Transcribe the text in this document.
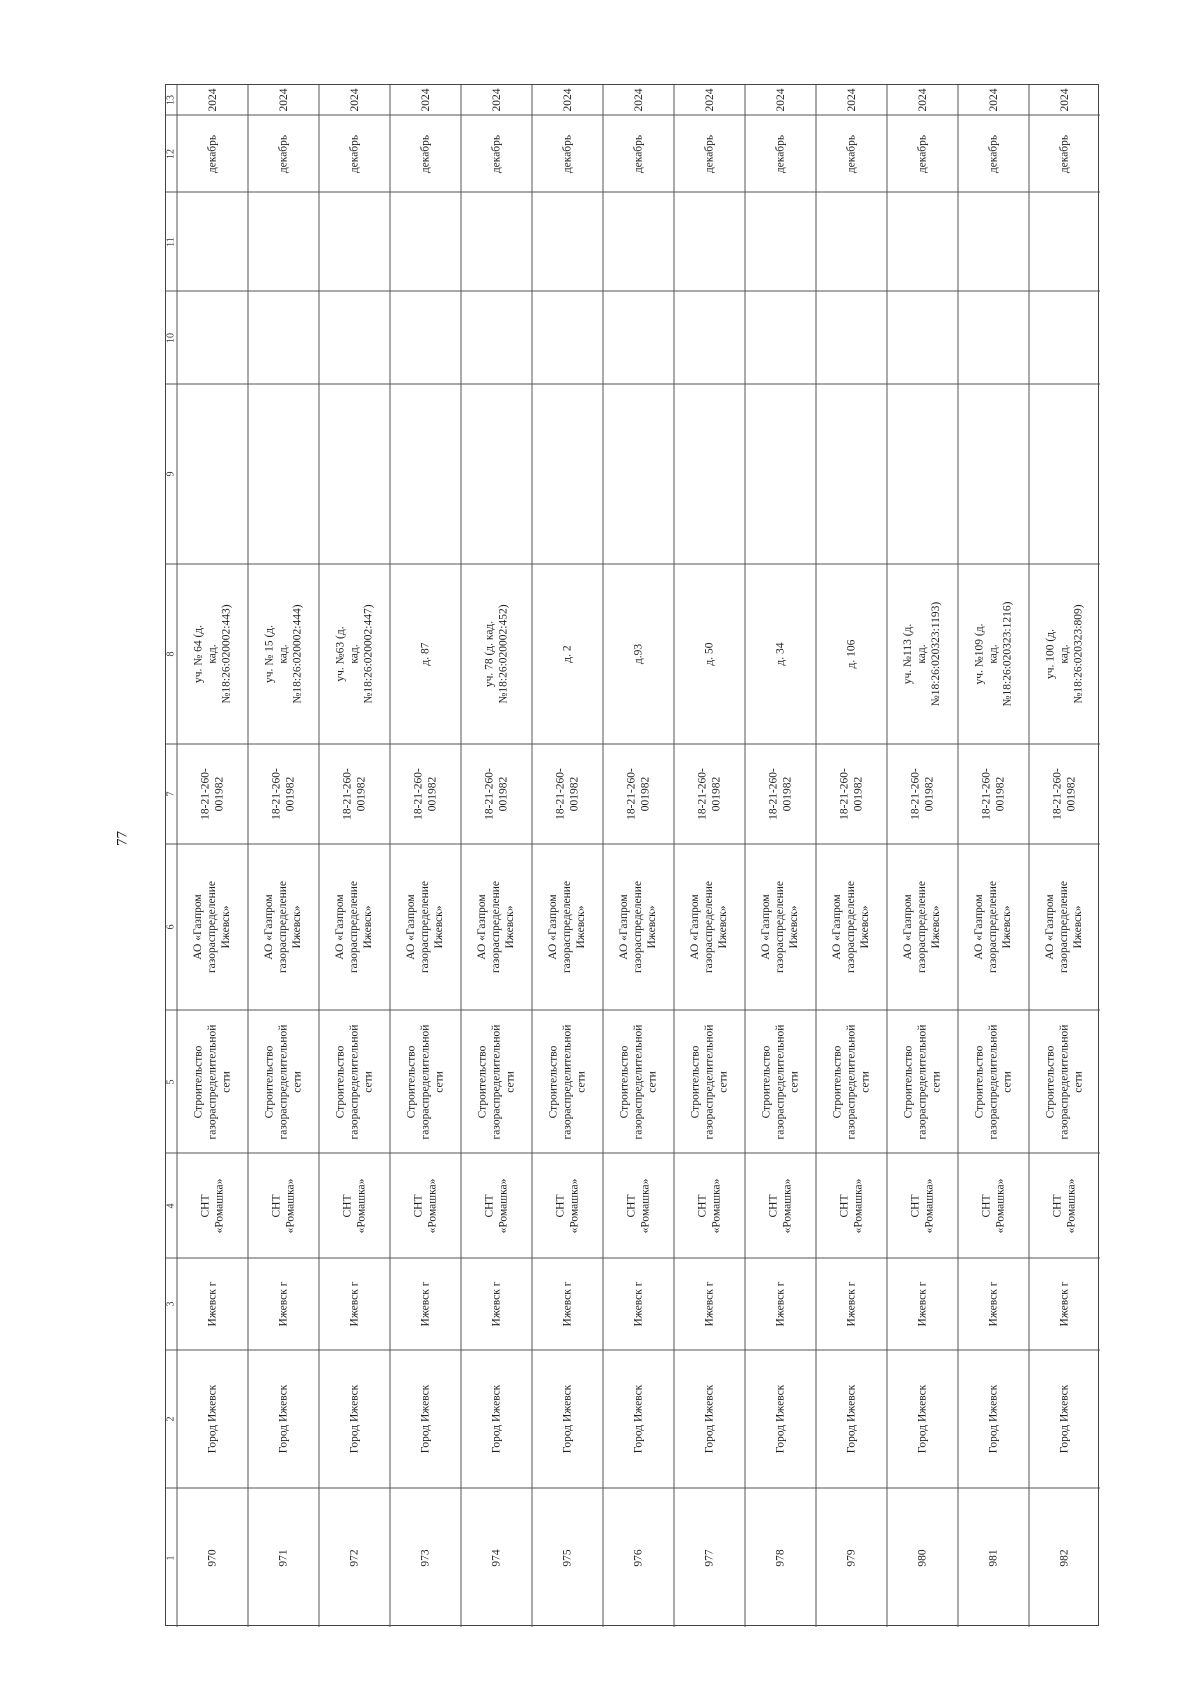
77
1
2
3
4
5
6
7
8
9
10
11
12
13
970
Город Ижевск
Ижевск г
СНТ «Ромашка»
Строительство
газораспределительной
сети
АО «Газпром
газораспределение Ижевск»
18-21-260-001982
уч. № 64 (д.
кад.№18:26:020002:443)
декабрь
2024
971
Город Ижевск
Ижевск г
СНТ «Ромашка»
Строительство
газораспределительной
сети
АО «Газпром
газораспределение Ижевск»
18-21-260-001982
уч. № 15 (д.
кад.№18:26:020002:444)
декабрь
2024
972
Город Ижевск
Ижевск г
СНТ «Ромашка»
Строительство
газораспределительной
сети
АО «Газпром
газораспределение Ижевск»
18-21-260-001982
уч. №63 (д.
кад.№18:26:020002:447)
декабрь
2024
973
Город Ижевск
Ижевск г
СНТ «Ромашка»
Строительство
газораспределительной
сети
АО «Газпром
газораспределение Ижевск»
18-21-260-001982
д. 87
декабрь
2024
974
Город Ижевск
Ижевск г
СНТ «Ромашка»
Строительство
газораспределительной
сети
АО «Газпром
газораспределение Ижевск»
18-21-260-001982
уч. 78 (д. кад.№18:26:020002:452)
декабрь
2024
975
Город Ижевск
Ижевск г
СНТ «Ромашка»
Строительство
газораспределительной
сети
АО «Газпром
газораспределение Ижевск»
18-21-260-001982
д. 2
декабрь
2024
976
Город Ижевск
Ижевск г
СНТ «Ромашка»
Строительство
газораспределительной
сети
АО «Газпром
газораспределение Ижевск»
18-21-260-001982
д.93
декабрь
2024
977
Город Ижевск
Ижевск г
СНТ «Ромашка»
Строительство
газораспределительной
сети
АО «Газпром
газораспределение Ижевск»
18-21-260-001982
д. 50
декабрь
2024
978
Город Ижевск
Ижевск г
СНТ «Ромашка»
Строительство
газораспределительной
сети
АО «Газпром
газораспределение Ижевск»
18-21-260-001982
д. 34
декабрь
2024
979
Город Ижевск
Ижевск г
СНТ «Ромашка»
Строительство
газораспределительной
сети
АО «Газпром
газораспределение Ижевск»
18-21-260-001982
д. 106
декабрь
2024
980
Город Ижевск
Ижевск г
СНТ «Ромашка»
Строительство
газораспределительной
сети
АО «Газпром
газораспределение Ижевск»
18-21-260-001982
уч. №113 (д.
кад.№18:26:020323:1193)
декабрь
2024
981
Город Ижевск
Ижевск г
СНТ «Ромашка»
Строительство
газораспределительной
сети
АО «Газпром
газораспределение Ижевск»
18-21-260-001982
уч. №109 (д.
кад.№18:26:020323:1216)
декабрь
2024
982
Город Ижевск
Ижевск г
СНТ «Ромашка»
Строительство
газораспределительной
сети
АО «Газпром
газораспределение Ижевск»
18-21-260-001982
уч. 100 (д.
кад.№18:26:020323:809)
декабрь
2024
